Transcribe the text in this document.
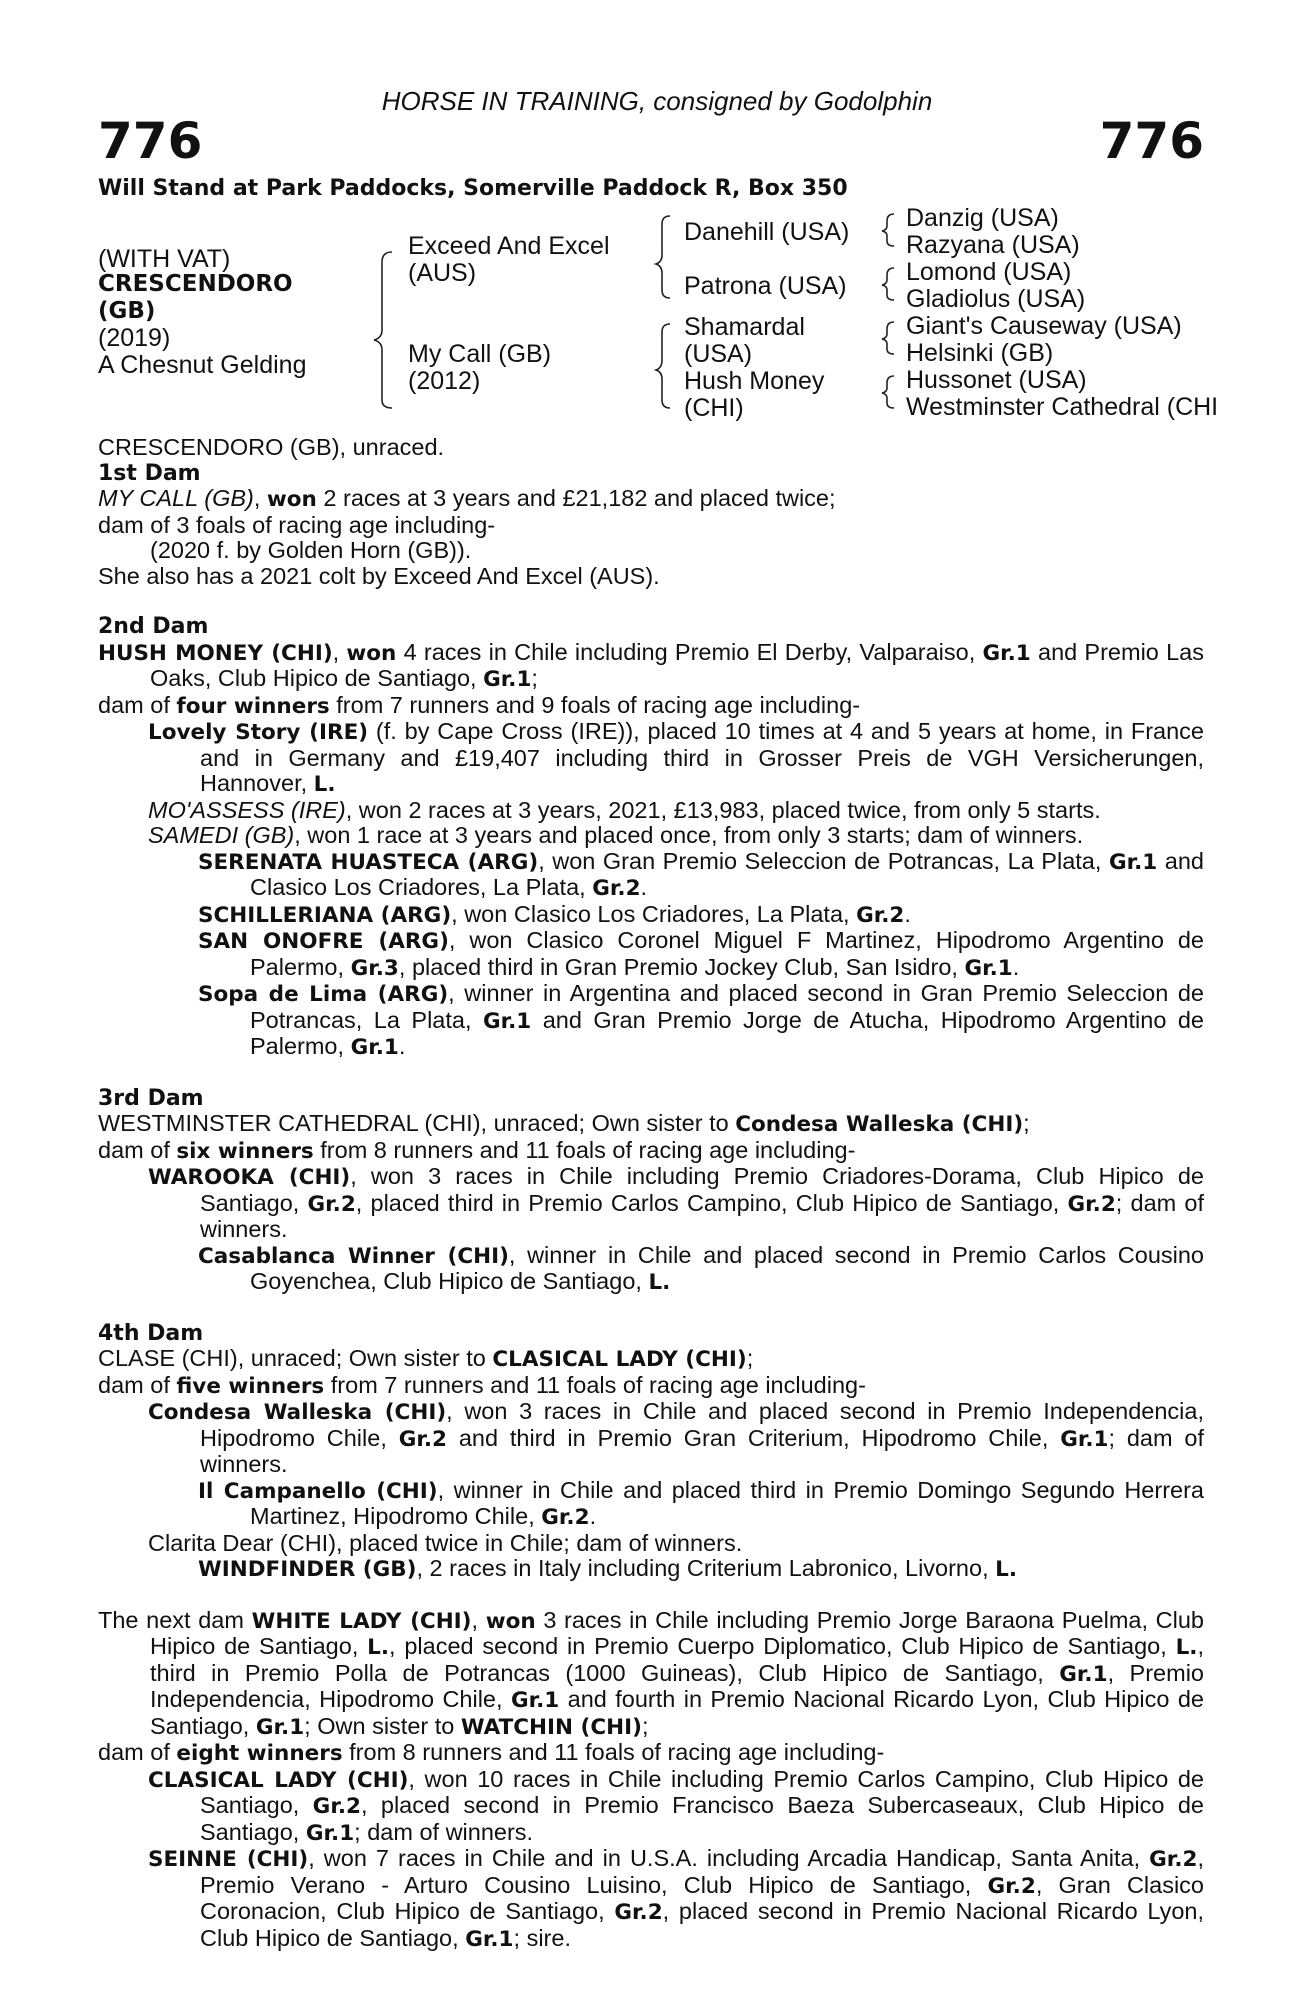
HORSE IN TRAINING, consigned by Godolphin
776	776
Will Stand at Park Paddocks, Somerville Paddock R, Box 350
(WITH VAT)
CRESCENDORO
(GB)
(2019)
A Chesnut Gelding
Exceed And Excel
(AUS)
My Call (GB)
(2012)
Danehill (USA)
Patrona (USA)
Shamardal
(USA)
Hush Money
(CHI)
Danzig (USA)
Razyana (USA)
Lomond (USA)
Gladiolus (USA)
Giant's Causeway (USA)
Helsinki (GB)
Hussonet (USA)
Westminster Cathedral (CHI

CRESCENDORO (GB), unraced.

1st Dam

MY CALL (GB), won 2 races at 3 years and £21,182 and placed twice;

dam of 3 foals of racing age including-

(2020 f. by Golden Horn (GB)).

She also has a 2021 colt by Exceed And Excel (AUS).

2nd Dam

HUSH MONEY (CHI), won 4 races in Chile including Premio El Derby, Valparaiso, Gr.1 and Premio Las Oaks, Club Hipico de Santiago, Gr.1;

dam of four winners from 7 runners and 9 foals of racing age including-

Lovely Story (IRE) (f. by Cape Cross (IRE)), placed 10 times at 4 and 5 years at home, in France and in Germany and £19,407 including third in Grosser Preis de VGH Versicherungen, Hannover, L.

MO'ASSESS (IRE), won 2 races at 3 years, 2021, £13,983, placed twice, from only 5 starts.

SAMEDI (GB), won 1 race at 3 years and placed once, from only 3 starts; dam of winners.

SERENATA HUASTECA (ARG), won Gran Premio Seleccion de Potrancas, La Plata, Gr.1 and Clasico Los Criadores, La Plata, Gr.2.

SCHILLERIANA (ARG), won Clasico Los Criadores, La Plata, Gr.2.

SAN ONOFRE (ARG), won Clasico Coronel Miguel F Martinez, Hipodromo Argentino de Palermo, Gr.3, placed third in Gran Premio Jockey Club, San Isidro, Gr.1.

Sopa de Lima (ARG), winner in Argentina and placed second in Gran Premio Seleccion de Potrancas, La Plata, Gr.1 and Gran Premio Jorge de Atucha, Hipodromo Argentino de Palermo, Gr.1.

3rd Dam

WESTMINSTER CATHEDRAL (CHI), unraced; Own sister to Condesa Walleska (CHI);

dam of six winners from 8 runners and 11 foals of racing age including-

WAROOKA (CHI), won 3 races in Chile including Premio Criadores-Dorama, Club Hipico de Santiago, Gr.2, placed third in Premio Carlos Campino, Club Hipico de Santiago, Gr.2; dam of winners.

Casablanca Winner (CHI), winner in Chile and placed second in Premio Carlos Cousino Goyenchea, Club Hipico de Santiago, L.

4th Dam

CLASE (CHI), unraced; Own sister to CLASICAL LADY (CHI);

dam of five winners from 7 runners and 11 foals of racing age including-

Condesa Walleska (CHI), won 3 races in Chile and placed second in Premio Independencia, Hipodromo Chile, Gr.2 and third in Premio Gran Criterium, Hipodromo Chile, Gr.1; dam of winners.

Il Campanello (CHI), winner in Chile and placed third in Premio Domingo Segundo Herrera Martinez, Hipodromo Chile, Gr.2.

Clarita Dear (CHI), placed twice in Chile; dam of winners.

WINDFINDER (GB), 2 races in Italy including Criterium Labronico, Livorno, L.

The next dam WHITE LADY (CHI), won 3 races in Chile including Premio Jorge Baraona Puelma, Club Hipico de Santiago, L., placed second in Premio Cuerpo Diplomatico, Club Hipico de Santiago, L., third in Premio Polla de Potrancas (1000 Guineas), Club Hipico de Santiago, Gr.1, Premio Independencia, Hipodromo Chile, Gr.1 and fourth in Premio Nacional Ricardo Lyon, Club Hipico de Santiago, Gr.1; Own sister to WATCHIN (CHI);

dam of eight winners from 8 runners and 11 foals of racing age including-

CLASICAL LADY (CHI), won 10 races in Chile including Premio Carlos Campino, Club Hipico de Santiago, Gr.2, placed second in Premio Francisco Baeza Subercaseaux, Club Hipico de Santiago, Gr.1; dam of winners.

SEINNE (CHI), won 7 races in Chile and in U.S.A. including Arcadia Handicap, Santa Anita, Gr.2, Premio Verano - Arturo Cousino Luisino, Club Hipico de Santiago, Gr.2, Gran Clasico Coronacion, Club Hipico de Santiago, Gr.2, placed second in Premio Nacional Ricardo Lyon, Club Hipico de Santiago, Gr.1; sire.
